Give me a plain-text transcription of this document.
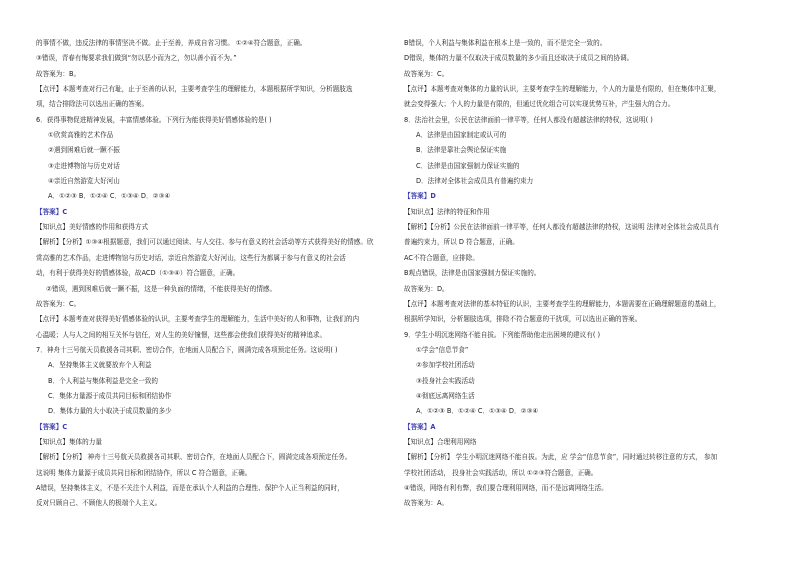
的事情不做，违反法律的事情坚决不做。止于至善，养成自省习惯。 ①②④符合题意，正确。
③错误，青春有悔要求我们做到“勿以恶小而为之，勿以善小而不为。”
故答案为：B。
【点评】本题考查对行己有耻，止于至善的认识，主要考查学生的理解能力，本题根据所学知识，分析题肢选
项，结合排除法可以选出正确的答案。
6．获得事物促进精神发展，丰富情感体验。下列行为能获得美好情感体验的是( )
①欣赏高雅的艺术作品
②遇到困难后就一蹶不振
③走进博物馆与历史对话
④亲近自然游览大好河山
A．①②③ B．①②④ C．①③④ D．②③④
【答案】C
【知识点】美好情感的作用和获得方式
【解析】【分析】①③④根据题意，我们可以通过阅读、与人交往、参与有意义的社会活动等方式获得美好的情感。欣
赏高雅的艺术作品，走进博物馆与历史对话，亲近自然游览大好河山，这些行为都属于参与有意义的社会活
动，有利于获得美好的情感体验，故ACD（①③④）符合题意，正确。
②错误，遇到困难后就一蹶不振，这是一种负面的情绪，不能获得美好的情感。
故答案为：C。
【点评】本题考查对获得美好情感体验的认识，主要考查学生的理解能力，生活中美好的人和事物，让我们的内
心温暖；人与人之间的相互关怀与信任，对人生的美好憧憬，这些都会使我们获得美好的精神追求。
7．神舟十三号航天员救援各司其职、密切合作，在地面人员配合下，圆满完成各项预定任务。这说明( )
A．坚持集体主义就要放弃个人利益
B．个人利益与集体利益是完全一致的
C．集体力量源于成员共同目标和团结协作
D．集体力量的大小取决于成员数量的多少
【答案】C
【知识点】集体的力量
【解析】【分析】 神舟十三号航天员救援各司其职、密切合作，在地面人员配合下，圆满完成各项预定任务。
这说明 集体力量源于成员共同目标和团结协作，所以 C 符合题意，正确。
A错误，坚持集体主义，不是不关注个人利益，而是在承认个人利益的合理性、保护个人正当利益的同时，
反对只顾自己、不顾他人的极端个人主义。
B错误，个人利益与集体利益在根本上是一致的，而不是完全一致的。
D错误，集体的力量不仅取决于成员数量的多少而且还取决于成员之间的协调。
故答案为：C。
【点评】本题考查对集体的力量的认识，主要考查学生的理解能力，个人的力量是有限的，但在集体中汇聚，
就会变得强大；个人的力量是有限的，但通过优化组合可以实现优势互补，产生强大的合力。
8．法治社会里，公民在法律面前一律平等，任何人都没有超越法律的特权，这说明( )
A．法律是由国家制定或认可的
B．法律是靠社会舆论保证实施
C．法律是由国家强制力保证实施的
D．法律对全体社会成员具有普遍约束力
【答案】D
【知识点】法律的特征和作用
【解析】【分析】公民在法律面前一律平等，任何人都没有超越法律的特权，这说明 法律对全体社会成员具有
普遍约束力，所以 D 符合题意，正确。
AC不符合题意，应排除。
B观点错误，法律是由国家强制力保证实施的。
故答案为：D。
【点评】本题考查对法律的基本特征的认识，主要考查学生的理解能力，本题需要在正确理解题意的基础上，
根据所学知识，分析题肢选项，排除不符合题意的干扰项，可以选出正确的答案。
9．学生小明沉迷网络不能自拔。下列能帮助他走出困境的建议有( )
①学会“信息节食”
②参加学校社团活动
③投身社会实践活动
④彻底远离网络生活
A．①②③ B．①②④ C．①③④ D．②③④
【答案】A
【知识点】合理利用网络
【解析】【分析】 学生小明沉迷网络不能自拔。为此，应 学会“信息节食”，同时通过转移注意的方式， 参加
学校社团活动， 投身社会实践活动，所以 ①②③符合题意，正确。
④错误，网络有利有弊，我们要合理利用网络，而不是远离网络生活。
故答案为：A。
